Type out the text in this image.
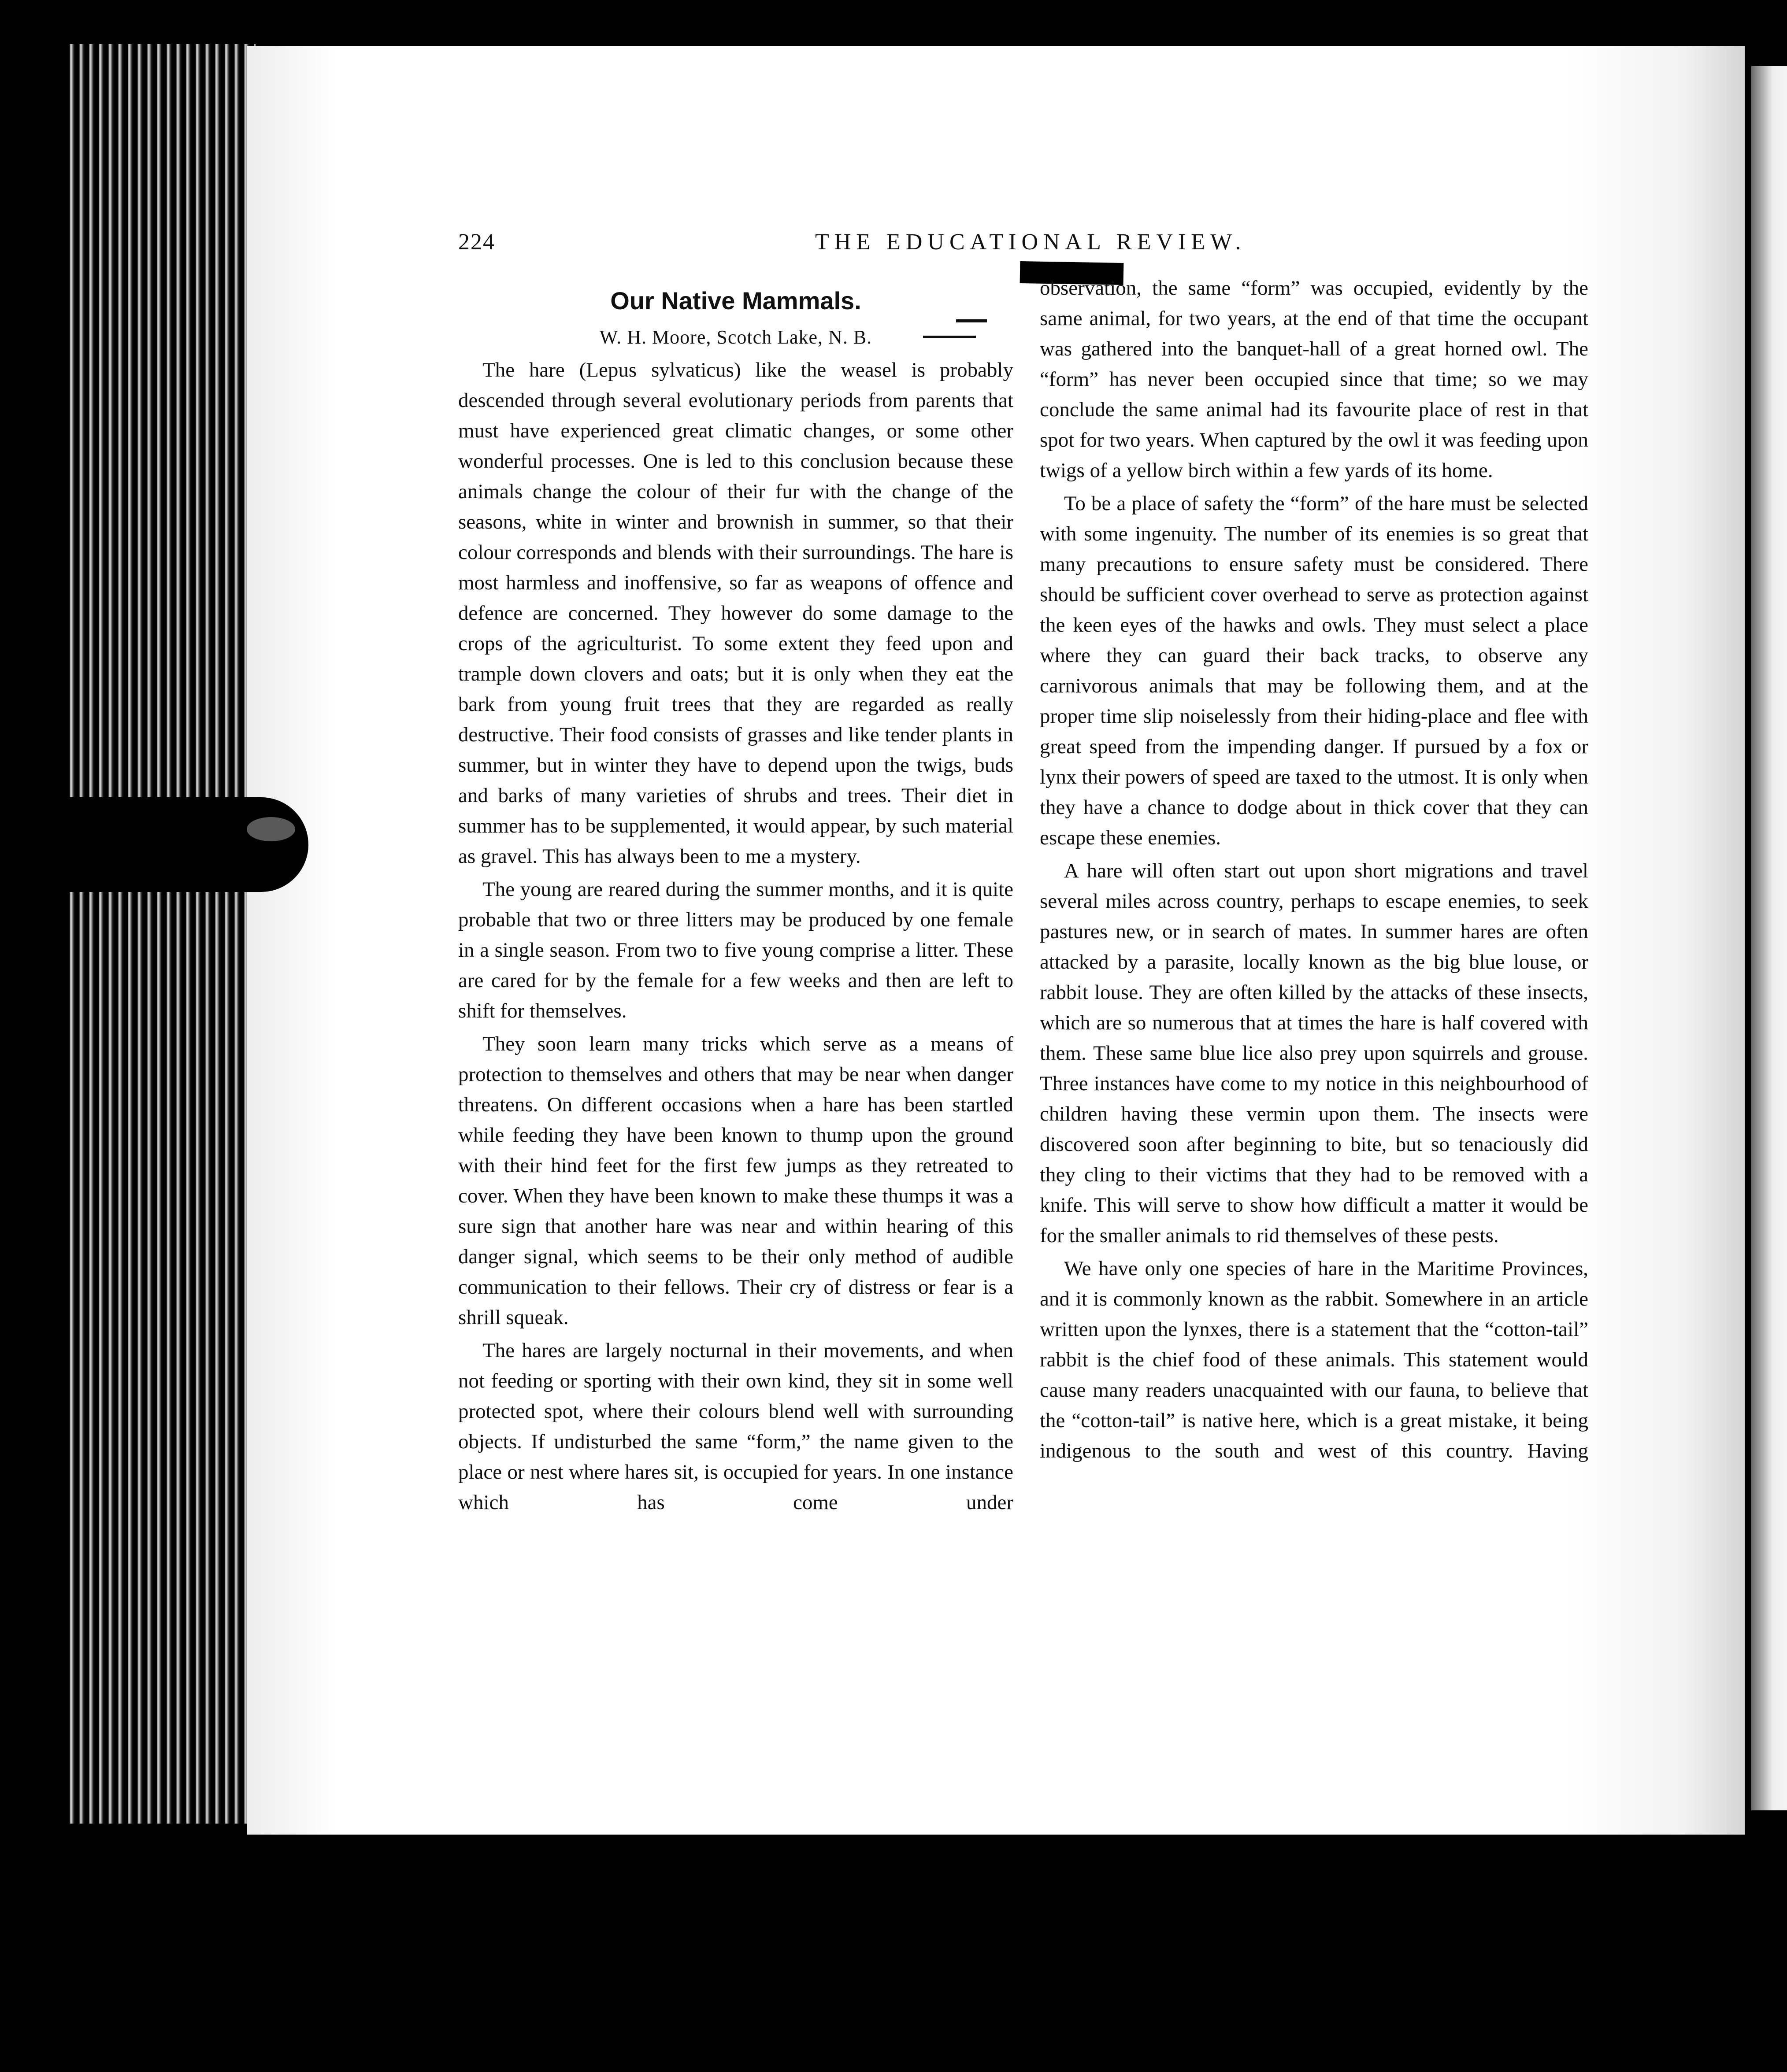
224	THE EDUCATIONAL REVIEW.
Our Native Mammals.
W. H. Moore, Scotch Lake, N. B.

The hare (Lepus sylvaticus) like the weasel is probably descended through several evolutionary periods from parents that must have experienced great climatic changes, or some other wonderful processes. One is led to this conclusion because these animals change the colour of their fur with the change of the seasons, white in winter and brownish in summer, so that their colour corresponds and blends with their surroundings. The hare is most harmless and inoffensive, so far as weapons of offence and defence are concerned. They however do some damage to the crops of the agriculturist. To some extent they feed upon and trample down clovers and oats; but it is only when they eat the bark from young fruit trees that they are regarded as really destructive. Their food consists of grasses and like tender plants in summer, but in winter they have to depend upon the twigs, buds and barks of many varieties of shrubs and trees. Their diet in summer has to be supplemented, it would appear, by such material as gravel. This has always been to me a mystery.

The young are reared during the summer months, and it is quite probable that two or three litters may be produced by one female in a single season. From two to five young comprise a litter. These are cared for by the female for a few weeks and then are left to shift for themselves.

They soon learn many tricks which serve as a means of protection to themselves and others that may be near when danger threatens. On different occasions when a hare has been startled while feeding they have been known to thump upon the ground with their hind feet for the first few jumps as they retreated to cover. When they have been known to make these thumps it was a sure sign that another hare was near and within hearing of this danger signal, which seems to be their only method of audible communication to their fellows. Their cry of distress or fear is a shrill squeak.

The hares are largely nocturnal in their movements, and when not feeding or sporting with their own kind, they sit in some well protected spot, where their colours blend well with surrounding objects. If undisturbed the same “form,” the name given to the place or nest where hares sit, is occupied for years. In one instance which has come under

observation, the same “form” was occupied, evidently by the same animal, for two years, at the end of that time the occupant was gathered into the banquet-hall of a great horned owl. The “form” has never been occupied since that time; so we may conclude the same animal had its favourite place of rest in that spot for two years. When captured by the owl it was feeding upon twigs of a yellow birch within a few yards of its home.

To be a place of safety the “form” of the hare must be selected with some ingenuity. The number of its enemies is so great that many precautions to ensure safety must be considered. There should be sufficient cover overhead to serve as protection against the keen eyes of the hawks and owls. They must select a place where they can guard their back tracks, to observe any carnivorous animals that may be following them, and at the proper time slip noiselessly from their hiding-place and flee with great speed from the impending danger. If pursued by a fox or lynx their powers of speed are taxed to the utmost. It is only when they have a chance to dodge about in thick cover that they can escape these enemies.

A hare will often start out upon short migrations and travel several miles across country, perhaps to escape enemies, to seek pastures new, or in search of mates. In summer hares are often attacked by a parasite, locally known as the big blue louse, or rabbit louse. They are often killed by the attacks of these insects, which are so numerous that at times the hare is half covered with them. These same blue lice also prey upon squirrels and grouse. Three instances have come to my notice in this neighbourhood of children having these vermin upon them. The insects were discovered soon after beginning to bite, but so tenaciously did they cling to their victims that they had to be removed with a knife. This will serve to show how difficult a matter it would be for the smaller animals to rid themselves of these pests.

We have only one species of hare in the Maritime Provinces, and it is commonly known as the rabbit. Somewhere in an article written upon the lynxes, there is a statement that the “cotton-tail” rabbit is the chief food of these animals. This statement would cause many readers unacquainted with our fauna, to believe that the “cotton-tail” is native here, which is a great mistake, it being indigenous to the south and west of this country. Having
